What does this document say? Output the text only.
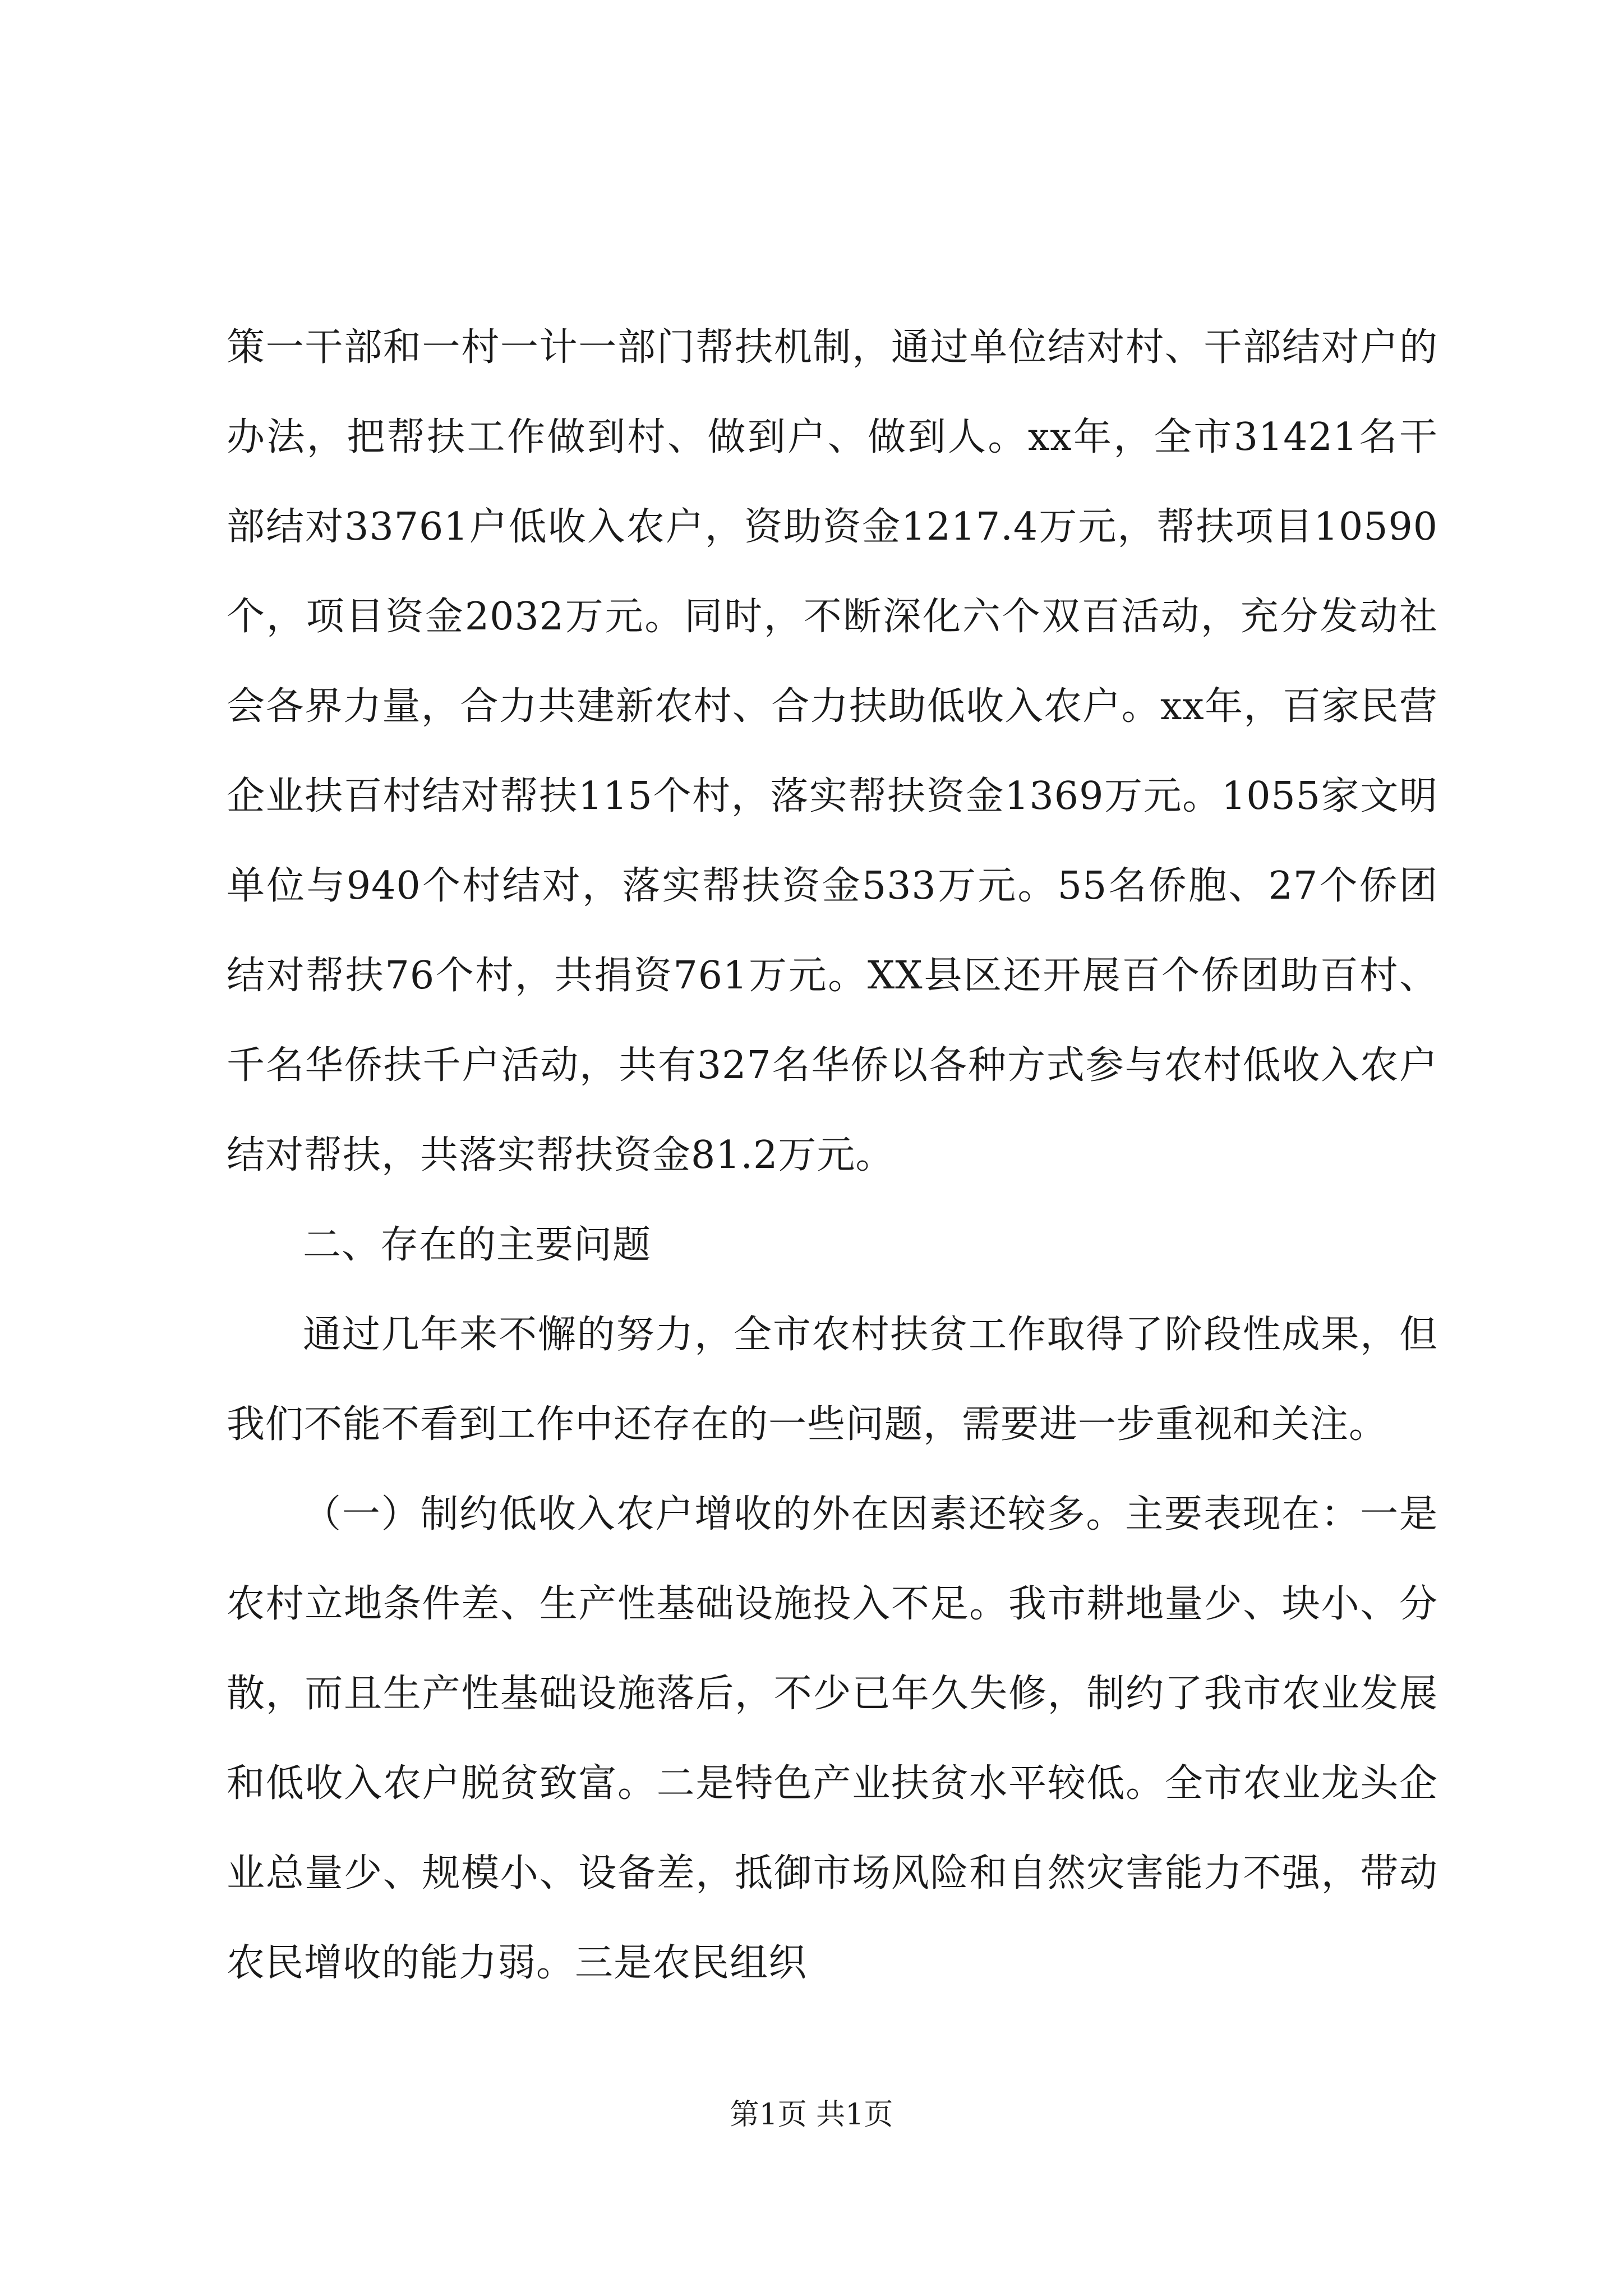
策一干部和一村一计一部门帮扶机制，通过单位结对村、干部结对户的办法，把帮扶工作做到村、做到户、做到人。xx年，全市31421名干部结对33761户低收入农户，资助资金1217.4万元，帮扶项目10590个，项目资金2032万元。同时，不断深化六个双百活动，充分发动社会各界力量，合力共建新农村、合力扶助低收入农户。xx年，百家民营企业扶百村结对帮扶115个村，落实帮扶资金1369万元。1055家文明单位与940个村结对，落实帮扶资金533万元。55名侨胞、27个侨团结对帮扶76个村，共捐资761万元。XX县区还开展百个侨团助百村、千名华侨扶千户活动，共有327名华侨以各种方式参与农村低收入农户结对帮扶，共落实帮扶资金81.2万元。

二、存在的主要问题

通过几年来不懈的努力，全市农村扶贫工作取得了阶段性成果，但我们不能不看到工作中还存在的一些问题，需要进一步重视和关注。

（一）制约低收入农户增收的外在因素还较多。主要表现在：一是农村立地条件差、生产性基础设施投入不足。我市耕地量少、块小、分散，而且生产性基础设施落后，不少已年久失修，制约了我市农业发展和低收入农户脱贫致富。二是特色产业扶贫水平较低。全市农业龙头企业总量少、规模小、设备差，抵御市场风险和自然灾害能力不强，带动农民增收的能力弱。三是农民组织

第1页 共1页
